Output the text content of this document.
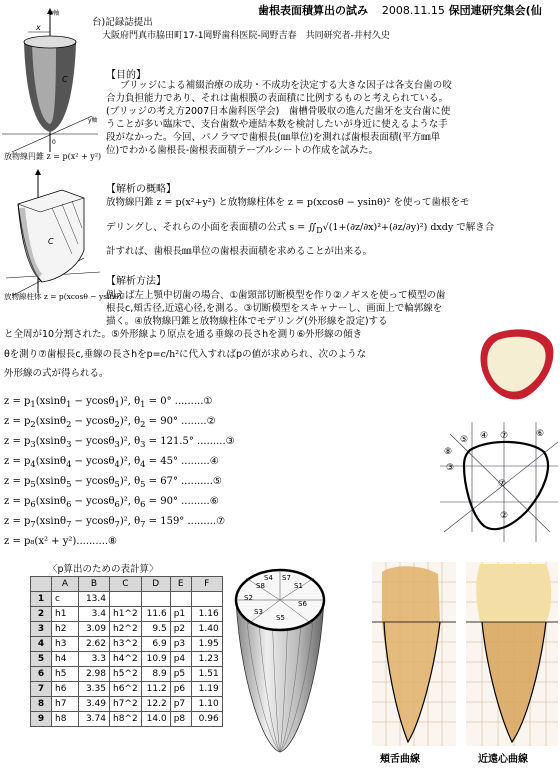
歯根表面積算出の試み 2008.11.15 保団連研究集会(仙
台)記録誌提出
大阪府門真市脇田町17-1岡野歯科医院-岡野吉春　共同研究者-井村久史
z軸
x
C
0
y軸
放物線円錐 z = p(x² + y²)
【目的】
ブリッジによる補綴治療の成功・不成功を決定する大きな因子は各支台歯の咬
合力負担能力であり、それは歯根膜の表面積に比例するものと考えられている。
(ブリッジの考え方2007日本歯科医学会)　歯槽骨吸収の進んだ歯牙を支台歯に使
うことが多い臨床で、支台歯数や連結本数を検討したいが身近に使えるような手
段がなかった。今回、パノラマで歯根長(㎜単位)を測れば歯根表面積(平方㎜単
位)でわかる歯根長-歯根表面積テーブルシートの作成を試みた。
C
放物線柱体 z = p(xcosθ − ysinθ)²
【解析の概略】
放物線円錐 z = p(x²+y²) と放物線柱体を z = p(xcosθ − ysinθ)² を使って歯根をモ
デリングし、それらの小面を表面積の公式 $s = ∬_D√(1+(\partial z/\partial x)^2+(\partial z/\partial y)^2)$ dxdy で解き合
計すれば、歯根長㎜単位の歯根表面積を求めることが出来る。
【解析方法】
例えば左上顎中切歯の場合、①歯頸部切断模型を作り②ノギスを使って模型の歯
根長c,頬舌径,近遠心径,を測る。③切断模型をスキャナーし、画面上で輪郭線を
描く。④放物線円錐と放物線柱体でモデリング(外形線を設定)する
と全周が10分割された。⑤外形線より原点を通る垂線の長さhを測り⑥外形線の傾き
θを測り⑦歯根長c,垂線の長さhをp=c/h²に代入すればpの値が求められ、次のような
外形線の式が得られる。
$z = p_1(xsin\theta_1 - ycos\theta_1)^2$, $\theta_1 = 0^\circ$ .........①
$z = p_2(xsin\theta_2 - ycos\theta_2)^2$, $\theta_2 = 90^\circ$ ........②
$z = p_3(xsin\theta_3 - ycos\theta_3)^2$, $\theta_3 = 121.5^\circ$ .........③
$z = p_4(xsin\theta_4 - ycos\theta_4)^2$, $\theta_4 = 45^\circ$ .........④
$z = p_5(xsin\theta_5 - ycos\theta_5)^2$, $\theta_5 = 67^\circ$ ..........⑤
$z = p_6(xsin\theta_6 - ycos\theta_6)^2$, $\theta_6 = 90^\circ$ .........⑥
$z = p_7(xsin\theta_7 - ycos\theta_7)^2$, $\theta_7 = 159^\circ$ .........⑦
z = p₈(x² + y²)..........⑧
⑤ ④ ⑦	⑥
⑧
③
⑦
②
〈p算出のための表計算〉
	A	B	C	D	E	F
1	c	13.4				
2	h1	3.4	h1^2	11.6	p1	1.16
3	h2	3.09	h2^2	9.5	p2	1.40
4	h3	2.62	h3^2	6.9	p3	1.95
5	h4	3.3	h4^2	10.9	p4	1.23
6	h5	2.98	h5^2	8.9	p5	1.51
7	h6	3.35	h6^2	11.2	p6	1.19
8	h7	3.49	h7^2	12.2	p7	1.10
9	h8	3.74	h8^2	14.0	p8	0.96
S4
S8
S7
S1
S2
S6
S3
S5
頬舌曲線	近遠心曲線
